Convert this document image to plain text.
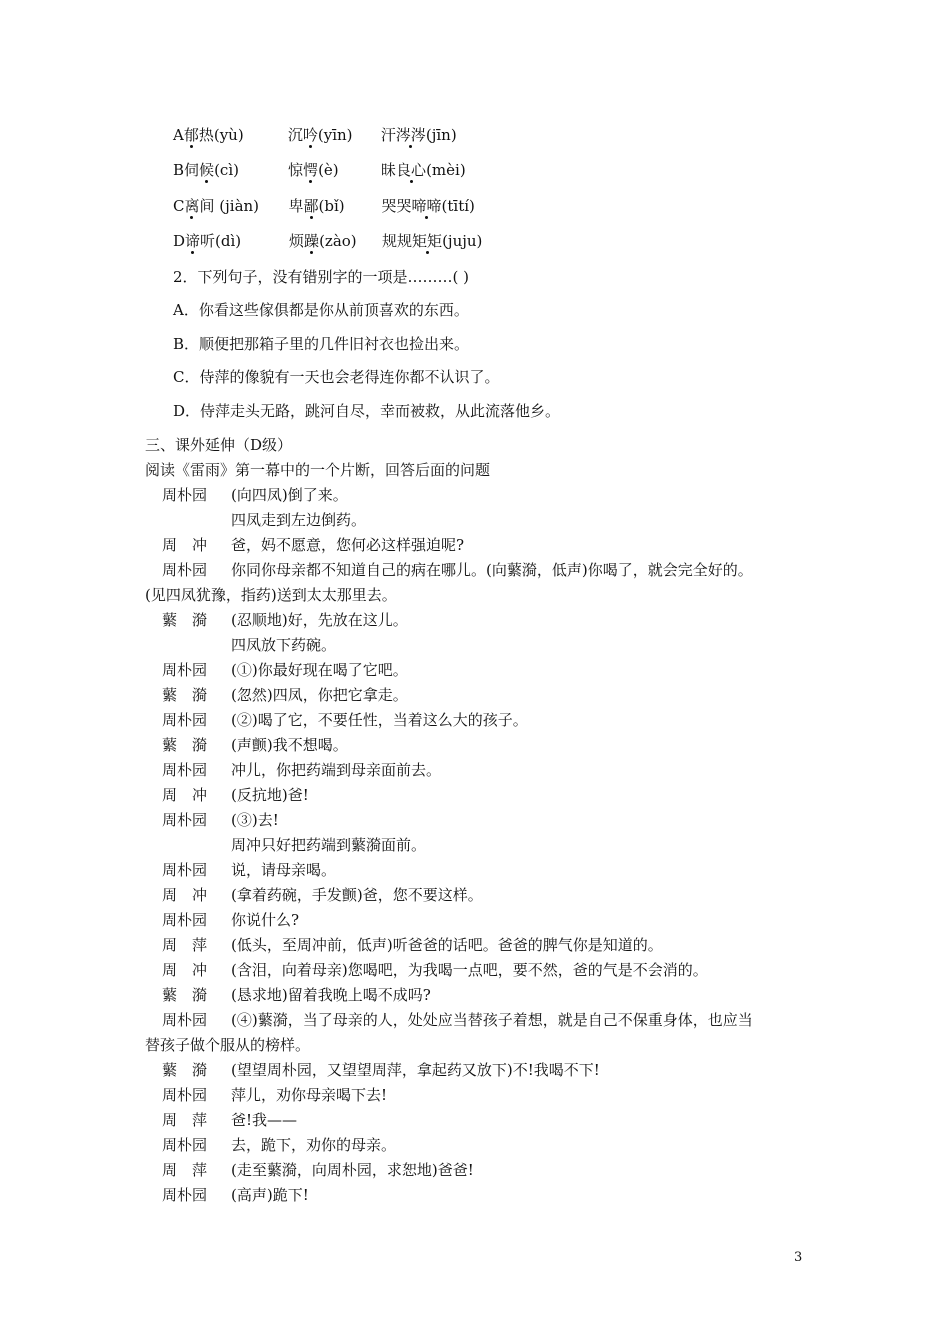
A郁热(yù)	沉吟(yīn) 汗涔涔(jīn)
B伺候(cì)	惊愕(è)	昧良心(mèi)
C离间 (jiàn) 卑鄙(bǐ) 哭哭啼啼(tītí)
D谛听(dì)	烦躁(zào) 规规矩矩(juju)
2．下列句子，没有错别字的一项是………( )
A．你看这些傢俱都是你从前顶喜欢的东西。
B．顺便把那箱子里的几件旧衬衣也捡出来。
C．侍萍的像貌有一天也会老得连你都不认识了。
D．侍萍走头无路，跳河自尽，幸而被救，从此流落他乡。
三、课外延伸（D级）
阅读《雷雨》第一幕中的一个片断，回答后面的问题
周朴园	(向四凤)倒了来。
四凤走到左边倒药。
周　冲	爸，妈不愿意，您何必这样强迫呢?
周朴园	你同你母亲都不知道自己的病在哪儿。(向蘩漪，低声)你喝了，就会完全好的。
(见四凤犹豫，指药)送到太太那里去。
蘩　漪	(忍顺地)好，先放在这儿。
四凤放下药碗。
周朴园	(①)你最好现在喝了它吧。
蘩　漪	(忽然)四凤，你把它拿走。
周朴园	(②)喝了它，不要任性，当着这么大的孩子。
蘩　漪	(声颤)我不想喝。
周朴园	冲儿，你把药端到母亲面前去。
周　冲	(反抗地)爸!
周朴园	(③)去!
周冲只好把药端到蘩漪面前。
周朴园	说，请母亲喝。
周　冲	(拿着药碗，手发颤)爸，您不要这样。
周朴园	你说什么?
周　萍	(低头，至周冲前，低声)听爸爸的话吧。爸爸的脾气你是知道的。
周　冲	(含泪，向着母亲)您喝吧，为我喝一点吧，要不然，爸的气是不会消的。
蘩　漪	(恳求地)留着我晚上喝不成吗?
周朴园	(④)蘩漪，当了母亲的人，处处应当替孩子着想，就是自己不保重身体，也应当
替孩子做个服从的榜样。
蘩　漪	(望望周朴园，又望望周萍，拿起药又放下)不!我喝不下!
周朴园	萍儿，劝你母亲喝下去!
周　萍	爸!我——
周朴园	去，跪下，劝你的母亲。
周　萍	(走至蘩漪，向周朴园，求恕地)爸爸!
周朴园	(高声)跪下!
3
